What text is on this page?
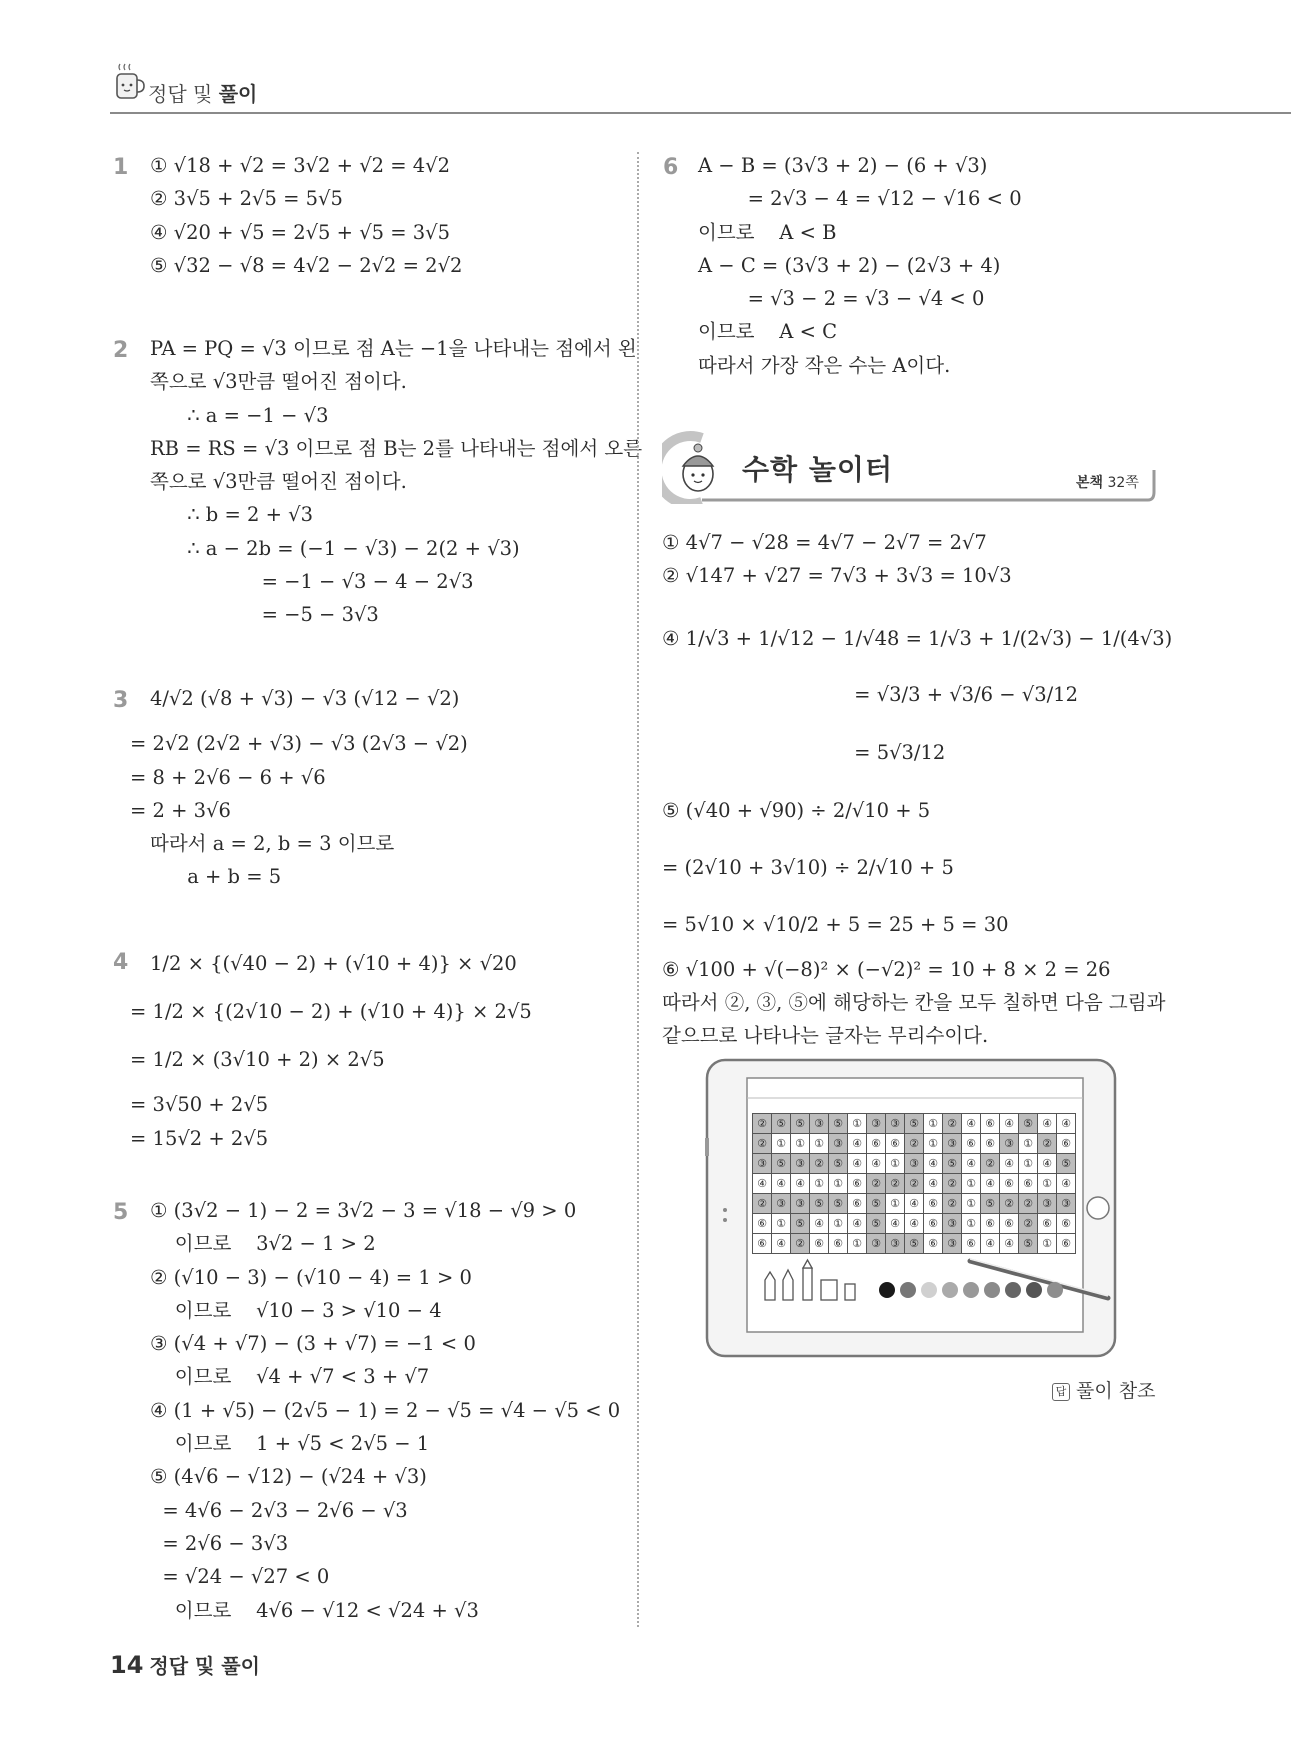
정답 및 풀이
1 ① √18 + √2 = 3√2 + √2 = 4√2
② 3√5 + 2√5 = 5√5
④ √20 + √5 = 2√5 + √5 = 3√5
⑤ √32 − √8 = 4√2 − 2√2 = 2√2
2 PA = PQ = √3 이므로 점 A는 −1을 나타내는 점에서 왼
쪽으로 √3만큼 떨어진 점이다.
∴ a = −1 − √3
RB = RS = √3 이므로 점 B는 2를 나타내는 점에서 오른
쪽으로 √3만큼 떨어진 점이다.
∴ b = 2 + √3
∴ a − 2b = (−1 − √3) − 2(2 + √3)
= −1 − √3 − 4 − 2√3
= −5 − 3√3
3	4/√2 (√8 + √3) − √3 (√12 − √2)
= 2√2 (2√2 + √3) − √3 (2√3 − √2)
= 8 + 2√6 − 6 + √6
= 2 + 3√6
따라서 a = 2, b = 3 이므로
a + b = 5
4	1/2 × {(√40 − 2) + (√10 + 4)} × √20
= 1/2 × {(2√10 − 2) + (√10 + 4)} × 2√5
= 1/2 × (3√10 + 2) × 2√5
= 3√50 + 2√5
= 15√2 + 2√5
5 ① (3√2 − 1) − 2 = 3√2 − 3 = √18 − √9 > 0
이므로    3√2 − 1 > 2
② (√10 − 3) − (√10 − 4) = 1 > 0
이므로    √10 − 3 > √10 − 4
③ (√4 + √7) − (3 + √7) = −1 < 0
이므로    √4 + √7 < 3 + √7
④ (1 + √5) − (2√5 − 1) = 2 − √5 = √4 − √5 < 0
이므로    1 + √5 < 2√5 − 1
⑤ (4√6 − √12) − (√24 + √3)
= 4√6 − 2√3 − 2√6 − √3
= 2√6 − 3√3
= √24 − √27 < 0
이므로    4√6 − √12 < √24 + √3
6 A − B = (3√3 + 2) − (6 + √3)
= 2√3 − 4 = √12 − √16 < 0
이므로    A < B
A − C = (3√3 + 2) − (2√3 + 4)
= √3 − 2 = √3 − √4 < 0
이므로    A < C
따라서 가장 작은 수는 A이다.
수학 놀이터	본책 32쪽
① 4√7 − √28 = 4√7 − 2√7 = 2√7
② √147 + √27 = 7√3 + 3√3 = 10√3
④ 1/√3 + 1/√12 − 1/√48 = 1/√3 + 1/(2√3) − 1/(4√3)
= √3/3 + √3/6 − √3/12
= 5√3/12
⑤ (√40 + √90) ÷ 2/√10 + 5
= (2√10 + 3√10) ÷ 2/√10 + 5
= 5√10 × √10/2 + 5 = 25 + 5 = 30
⑥ √100 + √(−8)² × (−√2)² = 10 + 8 × 2 = 26
따라서 ②, ③, ⑤에 해당하는 칸을 모두 칠하면 다음 그림과
같으므로 나타나는 글자는 무리수이다.
②	⑤	⑤	③	⑤	①	③	③	⑤	①	②	④	⑥	④	⑤	④	④
②	①	①	①	③	④	⑥	⑥	②	①	③	⑥	⑥	③	①	②	⑥
③	⑤	③	②	⑤	④	④	①	③	④	⑤	④	②	④	①	④	⑤
④	④	④	①	①	⑥	②	②	②	④	②	①	④	⑥	⑥	①	④
②	③	③	⑤	⑤	⑥	⑤	①	④	⑥	②	①	⑤	②	②	③	③
⑥	①	⑤	④	①	④	⑤	④	④	⑥	③	①	⑥	⑥	②	⑥	⑥
⑥	④	②	⑥	⑥	①	③	③	⑤	⑥	③	⑥	④	④	⑤	①	⑥
답 풀이 참조
14 정답 및 풀이
